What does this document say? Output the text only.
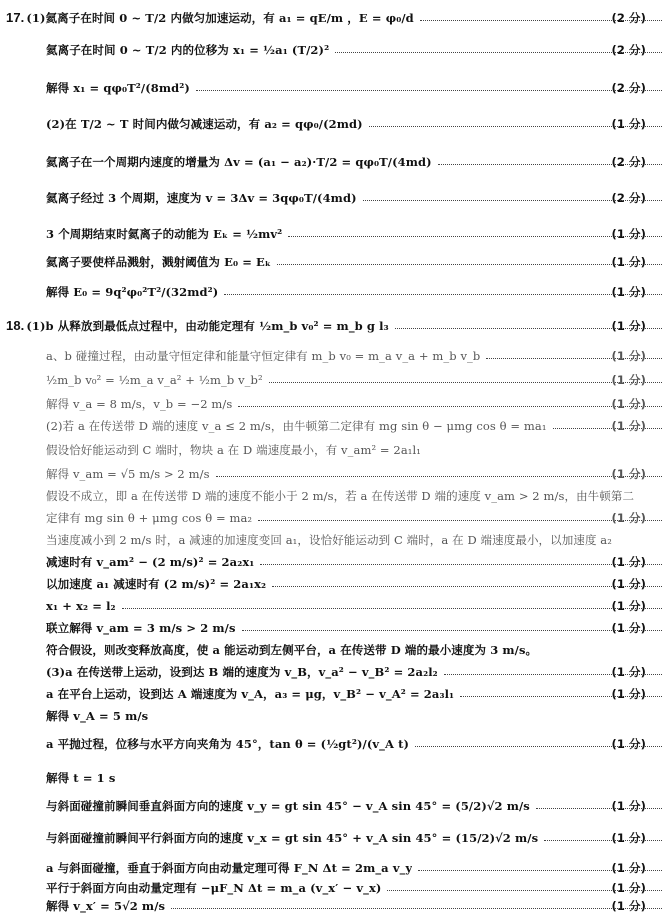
17. (1)氦离子在时间 0 ~ T/2 内做匀加速运动，有 a₁ = qE/m ，E = φ₀/d	(2 分)
氦离子在时间 0 ~ T/2 内的位移为 x₁ = ½a₁ (T/2)²	(2 分)
解得 x₁ = qφ₀T²/(8md²)	(2 分)
(2)在 T/2 ~ T 时间内做匀减速运动，有 a₂ = qφ₀/(2md)	(1 分)
氦离子在一个周期内速度的增量为 Δv = (a₁ − a₂)·T/2 = qφ₀T/(4md)	(2 分)
氦离子经过 3 个周期，速度为 v = 3Δv = 3qφ₀T/(4md)	(2 分)
3 个周期结束时氦离子的动能为 Eₖ = ½mv²	(1 分)
氦离子要使样品溅射，溅射阈值为 E₀ = Eₖ	(1 分)
解得 E₀ = 9q²φ₀²T²/(32md²)	(1 分)
18. (1)b 从释放到最低点过程中，由动能定理有 ½m_b v₀² = m_b g l₃	(1 分)
a、b 碰撞过程，由动量守恒定律和能量守恒定律有 m_b v₀ = m_a v_a + m_b v_b	(1 分)
½m_b v₀² = ½m_a v_a² + ½m_b v_b²	(1 分)
解得 v_a = 8 m/s，v_b = −2 m/s	(1 分)
(2)若 a 在传送带 D 端的速度 v_a ≤ 2 m/s，由牛顿第二定律有 mg sin θ − μmg cos θ = ma₁	(1 分)
假设恰好能运动到 C 端时，物块 a 在 D 端速度最小，有 v_am² = 2a₁l₁
解得 v_am = √5 m/s > 2 m/s	(1 分)
假设不成立，即 a 在传送带 D 端的速度不能小于 2 m/s，若 a 在传送带 D 端的速度 v_am > 2 m/s，由牛顿第二
定律有 mg sin θ + μmg cos θ = ma₂	(1 分)
当速度减小到 2 m/s 时，a 减速的加速度变回 a₁，设恰好能运动到 C 端时，a 在 D 端速度最小，以加速度 a₂
减速时有 v_am² − (2 m/s)² = 2a₂x₁	(1 分)
以加速度 a₁ 减速时有 (2 m/s)² = 2a₁x₂	(1 分)
x₁ + x₂ = l₂	(1 分)
联立解得 v_am = 3 m/s > 2 m/s	(1 分)
符合假设，则改变释放高度，使 a 能运动到左侧平台，a 在传送带 D 端的最小速度为 3 m/s。
(3)a 在传送带上运动，设到达 B 端的速度为 v_B，v_a² − v_B² = 2a₂l₂	(1 分)
a 在平台上运动，设到达 A 端速度为 v_A，a₃ = μg，v_B² − v_A² = 2a₃l₁	(1 分)
解得 v_A = 5 m/s
a 平抛过程，位移与水平方向夹角为 45°，tan θ = (½gt²)/(v_A t)	(1 分)
解得 t = 1 s
与斜面碰撞前瞬间垂直斜面方向的速度 v_y = gt sin 45° − v_A sin 45° = (5/2)√2 m/s	(1 分)
与斜面碰撞前瞬间平行斜面方向的速度 v_x = gt sin 45° + v_A sin 45° = (15/2)√2 m/s	(1 分)
a 与斜面碰撞，垂直于斜面方向由动量定理可得 F_N Δt = 2m_a v_y	(1 分)
平行于斜面方向由动量定理有 −μF_N Δt = m_a (v_x′ − v_x)	(1 分)
解得 v_x′ = 5√2 m/s	(1 分)
